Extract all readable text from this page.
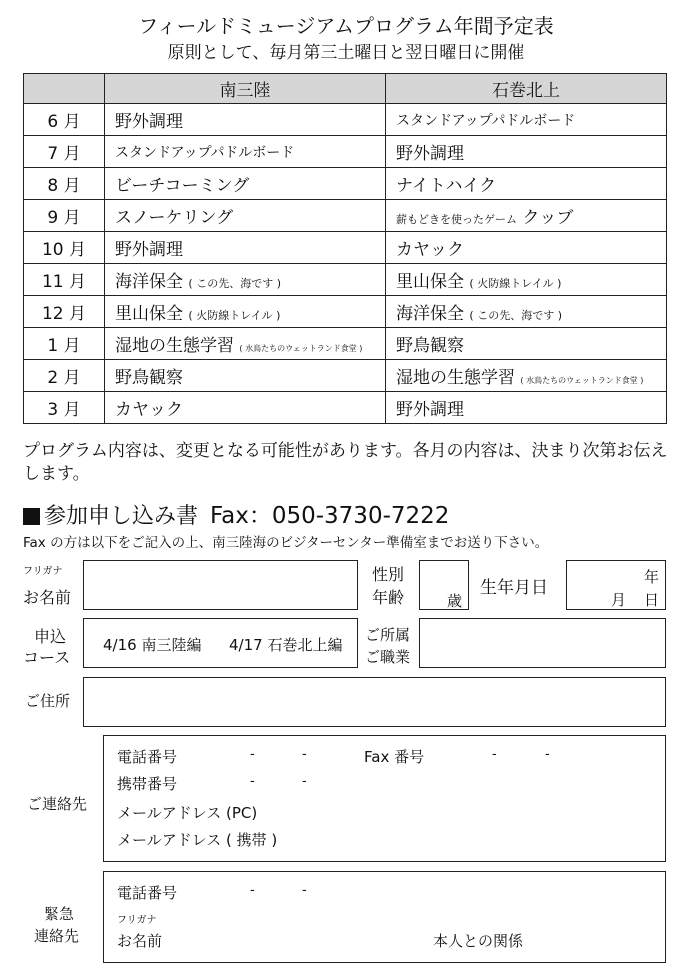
フィールドミュージアムプログラム年間予定表
原則として、毎月第三土曜日と翌日曜日に開催
	南三陸	石巻北上
6 月	野外調理	スタンドアップパドルボード
7 月	スタンドアップパドルボード	野外調理
8 月	ビーチコーミング	ナイトハイク
9 月	スノーケリング	薪もどきを使ったゲーム クッブ
10 月	野外調理	カヤック
11 月	海洋保全 ( この先、海です )	里山保全 ( 火防線トレイル )
12 月	里山保全 ( 火防線トレイル )	海洋保全 ( この先、海です )
1 月	湿地の生態学習 ( 水鳥たちのウェットランド食堂 )	野鳥観察
2 月	野鳥観察	湿地の生態学習 ( 水鳥たちのウェットランド食堂 )
3 月	カヤック	野外調理
プログラム内容は、変更となる可能性があります。各月の内容は、決まり次第お伝えします。
参加申し込み書 Fax：050-3730-7222
Fax の方は以下をご記入の上、南三陸海のビジターセンター準備室までお送り下さい。
フリガナ
お名前
性別
年齢	歳
生年月日
年
月 日
申込
コース
4/16 南三陸編 4/17 石巻北上編
ご所属
ご職業
ご住所
ご連絡先
電話番号	-	-	Fax 番号	-	-
携帯番号	-	-
メールアドレス (PC)
メールアドレス ( 携帯 )
緊急
連絡先
電話番号	-	-
フリガナ
お名前	本人との関係
